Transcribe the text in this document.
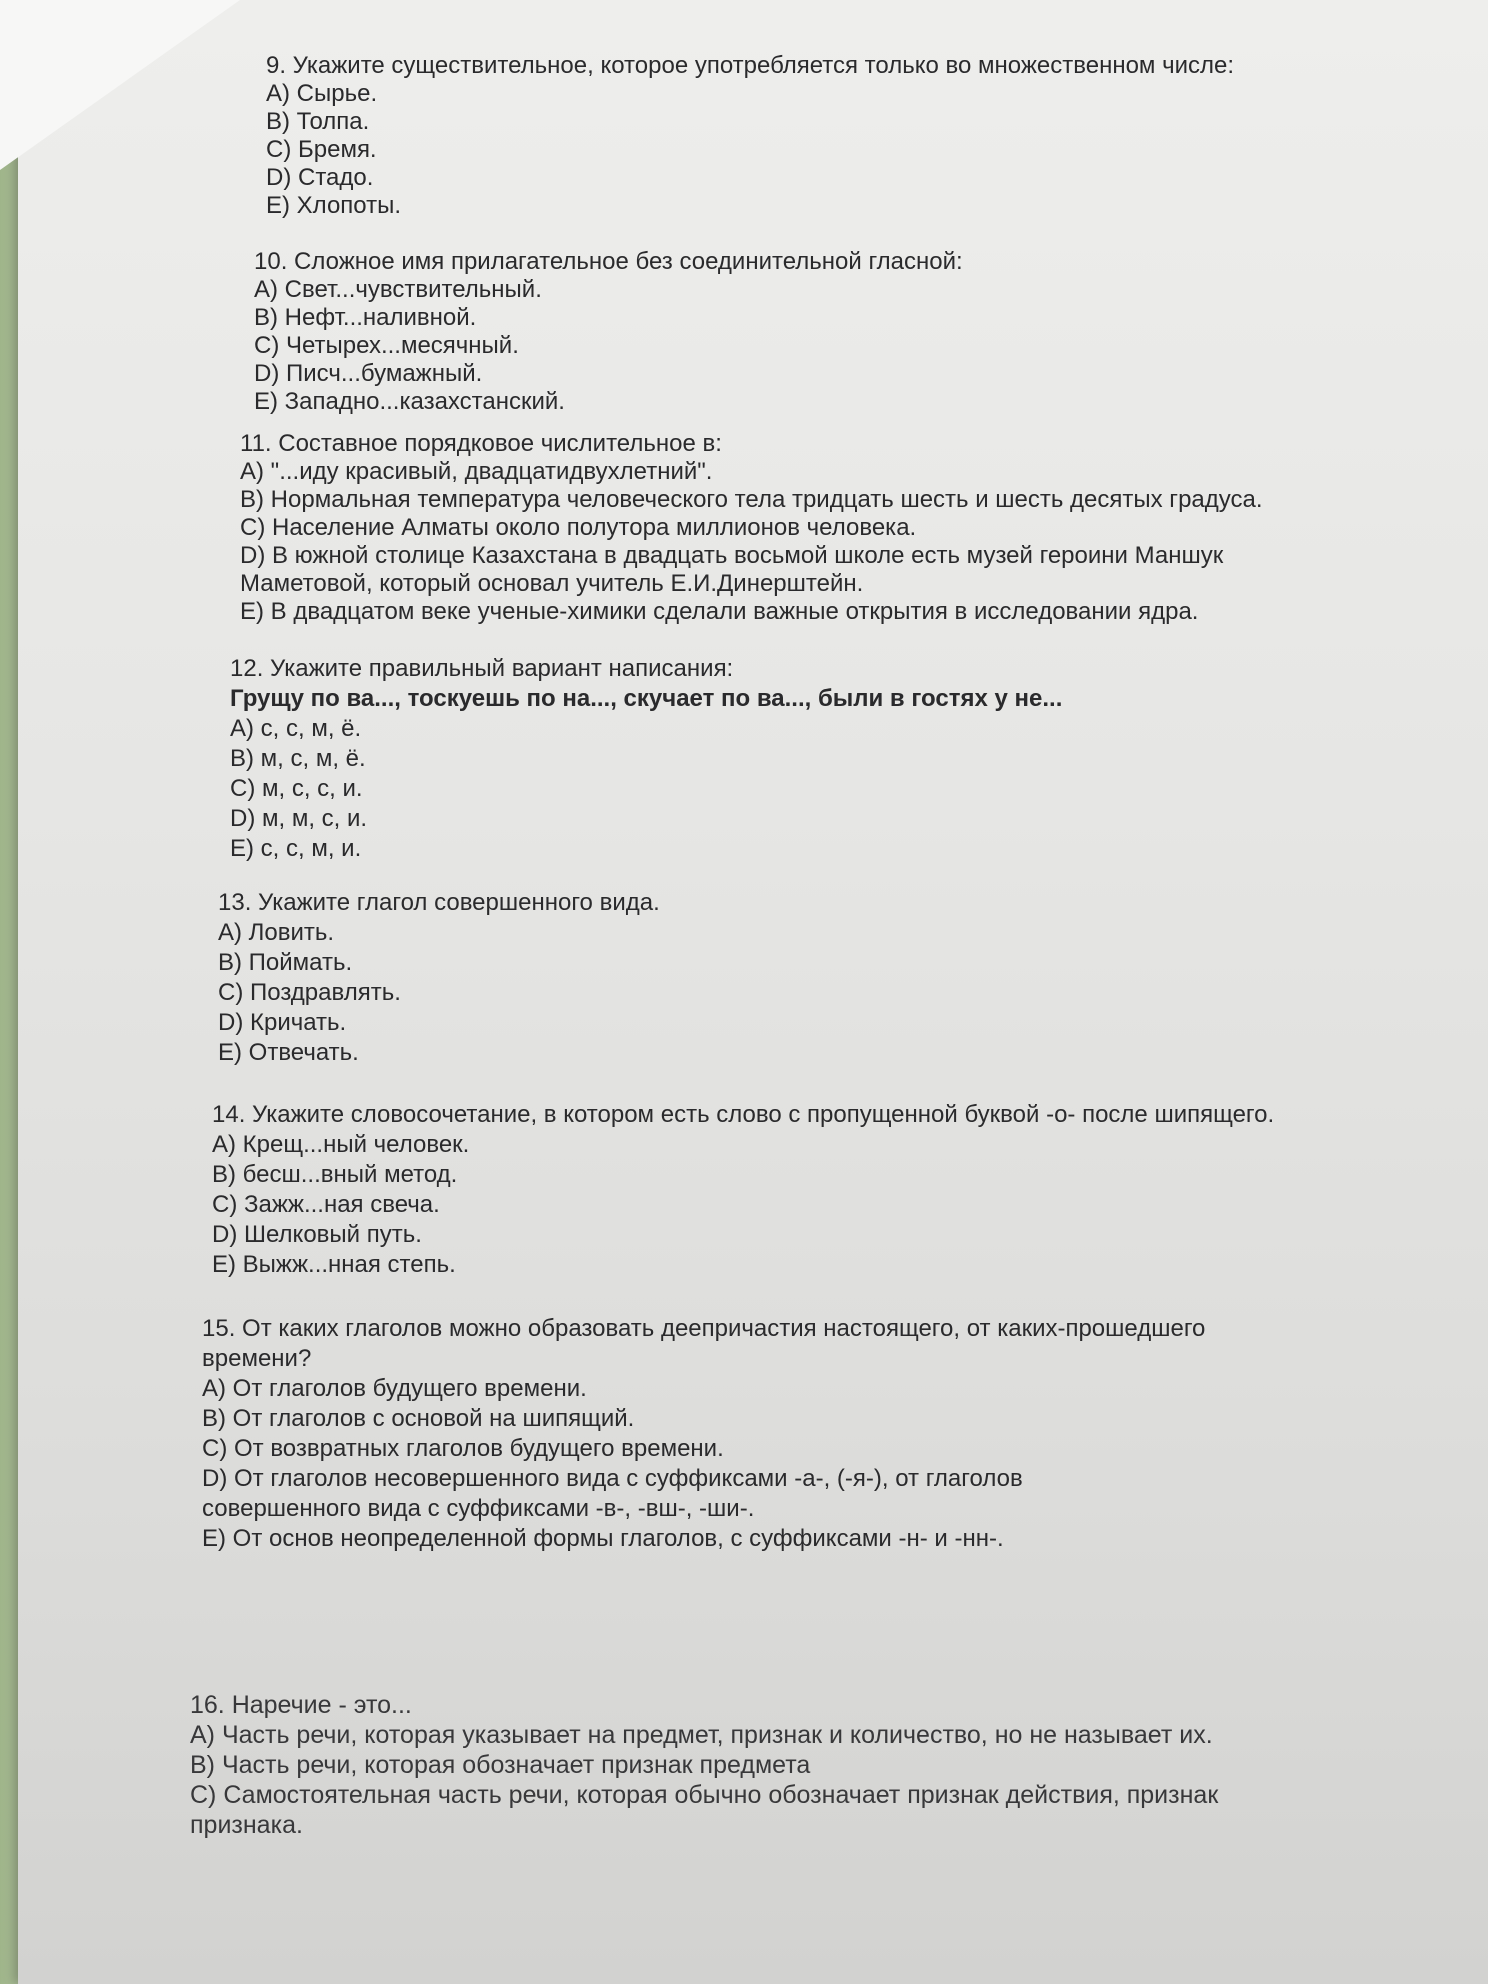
9. Укажите существительное, которое употребляется только во множественном числе:
A) Сырье.
B) Толпа.
C) Бремя.
D) Стадо.
E) Хлопоты.
10. Сложное имя прилагательное без соединительной гласной:
A) Свет...чувствительный.
B) Нефт...наливной.
C) Четырех...месячный.
D) Писч...бумажный.
E) Западно...казахстанский.
11. Составное порядковое числительное в:
A) "...иду красивый, двадцатидвухлетний".
B) Нормальная температура человеческого тела тридцать шесть и шесть десятых градуса.
C) Население Алматы около полутора миллионов человека.
D) В южной столице Казахстана в двадцать восьмой школе есть музей героини Маншук
Маметовой, который основал учитель Е.И.Динерштейн.
E) В двадцатом веке ученые-химики сделали важные открытия в исследовании ядра.
12. Укажите правильный вариант написания:
Грущу по ва..., тоскуешь по на..., скучает по ва..., были в гостях у не...
A) с, с, м, ё.
B) м, с, м, ё.
C) м, с, с, и.
D) м, м, с, и.
E) с, с, м, и.
13. Укажите глагол совершенного вида.
A) Ловить.
B) Поймать.
C) Поздравлять.
D) Кричать.
E) Отвечать.
14. Укажите словосочетание, в котором есть слово с пропущенной буквой -о- после шипящего.
A) Крещ...ный человек.
B) бесш...вный метод.
C) Зажж...ная свеча.
D) Шелковый путь.
E) Выжж...нная степь.
15. От каких глаголов можно образовать деепричастия настоящего, от каких-прошедшего
времени?
A) От глаголов будущего времени.
B) От глаголов с основой на шипящий.
C) От возвратных глаголов будущего времени.
D) От глаголов несовершенного вида с суффиксами -а-, (-я-), от глаголов
совершенного вида с суффиксами -в-, -вш-, -ши-.
E) От основ неопределенной формы глаголов, с суффиксами -н- и -нн-.
16. Наречие - это...
A) Часть речи, которая указывает на предмет, признак и количество, но не называет их.
B) Часть речи, которая обозначает признак предмета
C) Самостоятельная часть речи, которая обычно обозначает признак действия, признак
признака.
